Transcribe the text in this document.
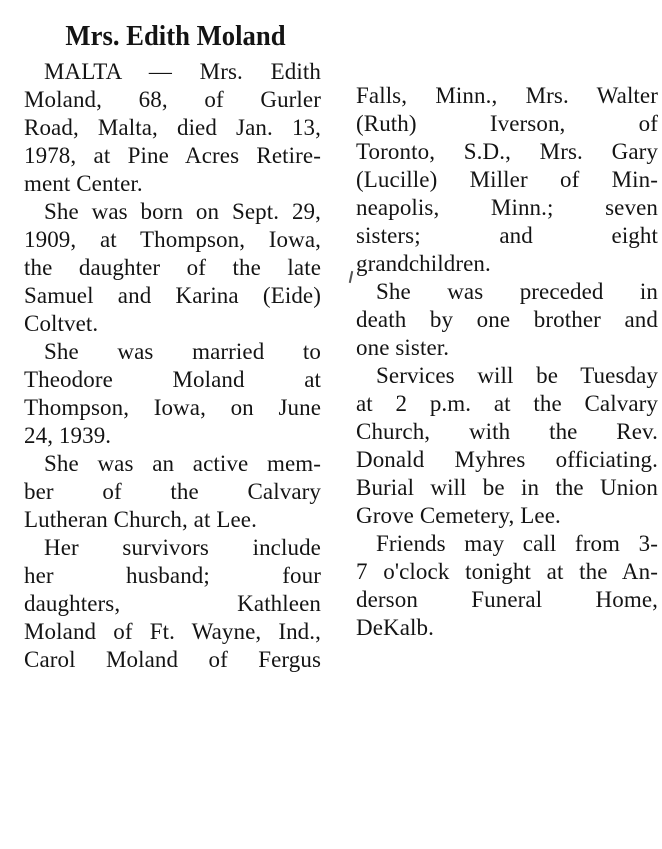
Mrs. Edith Moland
MALTA — Mrs. Edith
Moland, 68, of Gurler
Road, Malta, died Jan. 13,
1978, at Pine Acres Retire-
ment Center.
She was born on Sept. 29,
1909, at Thompson, Iowa,
the daughter of the late
Samuel and Karina (Eide)
Coltvet.
She was married to
Theodore Moland at
Thompson, Iowa, on June
24, 1939.
She was an active mem-
ber of the Calvary
Lutheran Church, at Lee.
Her survivors include
her husband; four
daughters, Kathleen
Moland of Ft. Wayne, Ind.,
Carol Moland of Fergus
Falls, Minn., Mrs. Walter
(Ruth) Iverson, of
Toronto, S.D., Mrs. Gary
(Lucille) Miller of Min-
neapolis, Minn.; seven
sisters; and eight
grandchildren.
She was preceded in
death by one brother and
one sister.
Services will be Tuesday
at 2 p.m. at the Calvary
Church, with the Rev.
Donald Myhres officiating.
Burial will be in the Union
Grove Cemetery, Lee.
Friends may call from 3-
7 o'clock tonight at the An-
derson Funeral Home,
DeKalb.
